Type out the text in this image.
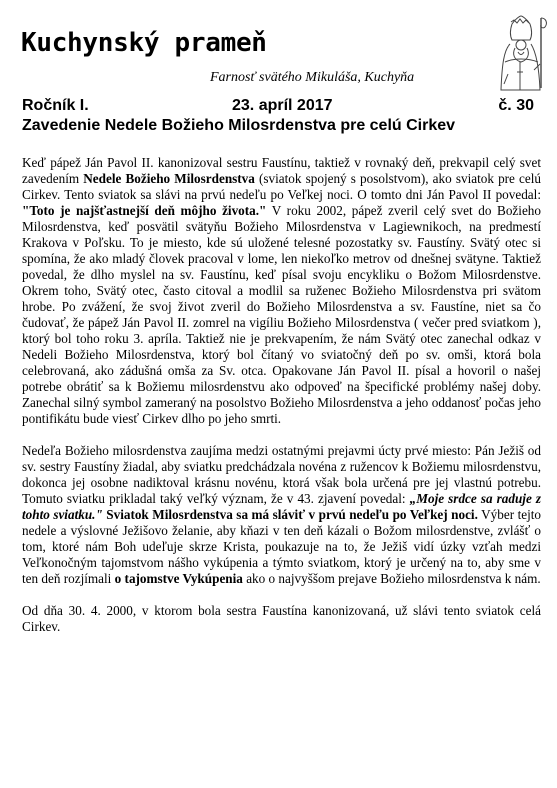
Kuchynský prameň
Farnosť svätého Mikuláša, Kuchyňa
Ročník I.	23. apríl 2017	č. 30
Zavedenie Nedele Božieho Milosrdenstva pre celú Cirkev

Keď pápež Ján Pavol II. kanonizoval sestru Faustínu, taktiež v rovnaký deň, prekvapil celý svet zavedením Nedele Božieho Milosrdenstva (sviatok spojený s posolstvom), ako sviatok pre celú Cirkev. Tento sviatok sa slávi na prvú nedeľu po Veľkej noci. O tomto dni Ján Pavol II povedal: "Toto je najšťastnejší deň môjho života." V roku 2002, pápež zveril celý svet do Božieho Milosrdenstva, keď posvätil svätyňu Božieho Milosrdenstva v Lagiewnikoch, na predmestí Krakova v Poľsku. To je miesto, kde sú uložené telesné pozostatky sv. Faustíny. Svätý otec si spomína, že ako mladý človek pracoval v lome, len niekoľko metrov od dnešnej svätyne. Taktiež povedal, že dlho myslel na sv. Faustínu, keď písal svoju encykliku o Božom Milosrdenstve. Okrem toho, Svätý otec, často citoval a modlil sa ruženec Božieho Milosrdenstva pri svätom hrobe. Po zvážení, že svoj život zveril do Božieho Milosrdenstva a sv. Faustíne, niet sa čo čudovať, že pápež Ján Pavol II. zomrel na vigíliu Božieho Milosrdenstva ( večer pred sviatkom ), ktorý bol toho roku 3. apríla. Taktiež nie je prekvapením, že nám Svätý otec zanechal odkaz v Nedeli Božieho Milosrdenstva, ktorý bol čítaný vo sviatočný deň po sv. omši, ktorá bola celebrovaná, ako zádušná omša za Sv. otca. Opakovane Ján Pavol II. písal a hovoril o našej potrebe obrátiť sa k Božiemu milosrdenstvu ako odpoveď na špecifické problémy našej doby. Zanechal silný symbol zameraný na posolstvo Božieho Milosrdenstva a jeho oddanosť počas jeho pontifikátu bude viesť Cirkev dlho po jeho smrti.

Nedeľa Božieho milosrdenstva zaujíma medzi ostatnými prejavmi úcty prvé miesto: Pán Ježiš od sv. sestry Faustíny žiadal, aby sviatku predchádzala novéna z ružencov k Božiemu milosrdenstvu, dokonca jej osobne nadiktoval krásnu novénu, ktorá však bola určená pre jej vlastnú potrebu. Tomuto sviatku prikladal taký veľký význam, že v 43. zjavení povedal: „Moje srdce sa raduje z tohto sviatku." Sviatok Milosrdenstva sa má sláviť v prvú nedeľu po Veľkej noci. Výber tejto nedele a výslovné Ježišovo želanie, aby kňazi v ten deň kázali o Božom milosrdenstve, zvlášť o tom, ktoré nám Boh udeľuje skrze Krista, poukazuje na to, že Ježiš vidí úzky vzťah medzi Veľkonočným tajomstvom nášho vykúpenia a týmto sviatkom, ktorý je určený na to, aby sme v ten deň rozjímali o tajomstve Vykúpenia ako o najvyššom prejave Božieho milosrdenstva k nám.

Od dňa 30. 4. 2000, v ktorom bola sestra Faustína kanonizovaná, už slávi tento sviatok celá Cirkev.
